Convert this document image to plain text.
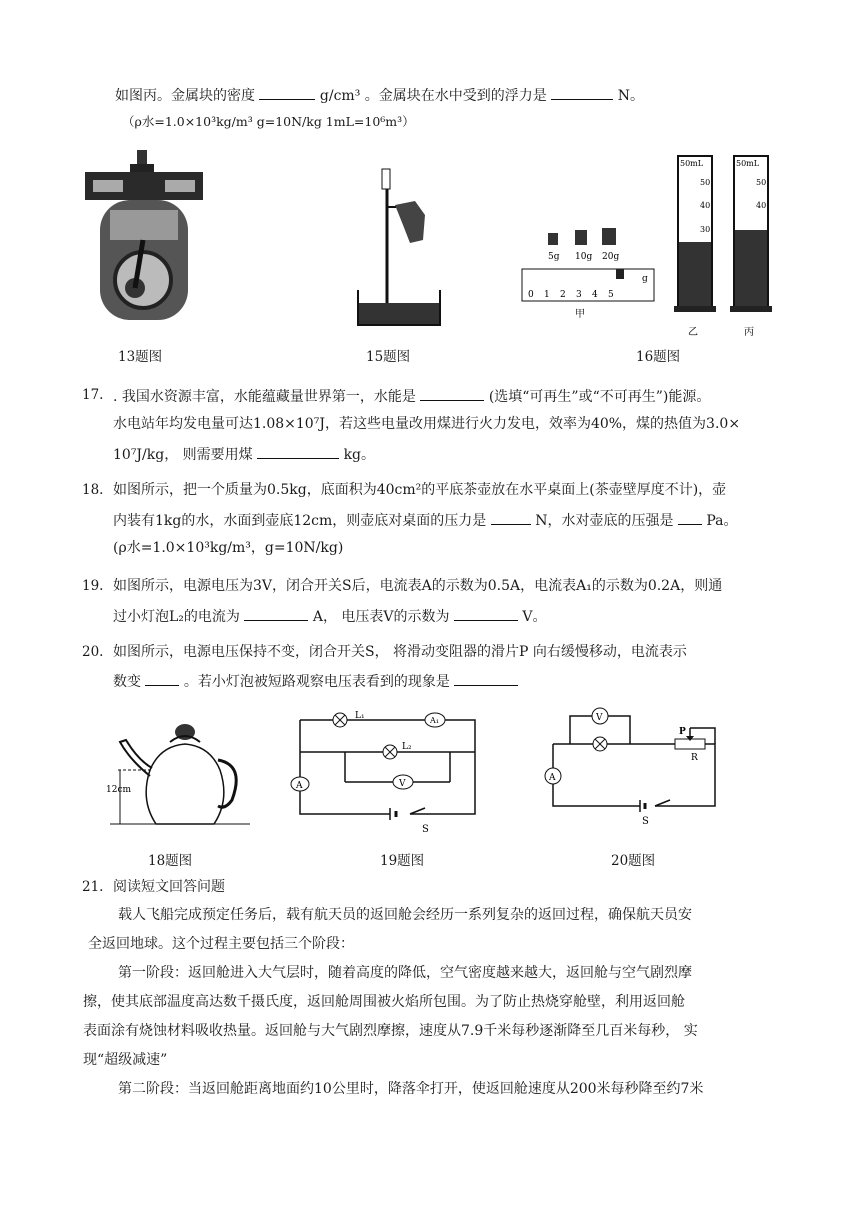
如图丙。金属块的密度	g/cm³ 。金属块在水中受到的浮力是	N。
（ρ水=1.0×10³kg/m³ g=10N/kg 1mL=10⁶m³）
13题图	15题图
5g 10g 20g
0 1 2 3 4 5
g
甲
50mL
50
40
30
乙
50mL
50
40
丙
16题图
17. . 我国水资源丰富，水能蕴藏量世界第一，水能是	(选填“可再生”或“不可再生”)能源。
水电站年均发电量可达1.08×10⁷J，若这些电量改用煤进行火力发电，效率为40%，煤的热值为3.0×
10⁷J/kg， 则需要用煤	kg。
18. 如图所示，把一个质量为0.5kg，底面积为40cm²的平底茶壶放在水平桌面上(茶壶壁厚度不计)，壶
内装有1kg的水，水面到壶底12cm，则壶底对桌面的压力是	N，水对壶底的压强是 Pa。
(ρ水=1.0×10³kg/m³，g=10N/kg)
19. 如图所示，电源电压为3V，闭合开关S后，电流表A的示数为0.5A，电流表A₁的示数为0.2A，则通
过小灯泡L₂的电流为	A， 电压表V的示数为	V。
20. 如图所示，电源电压保持不变，闭合开关S， 将滑动变阻器的滑片P 向右缓慢移动，电流表示
数变	。若小灯泡被短路观察电压表看到的现象是
12cm
18题图
L₁	A₁
L₂
V
A
S
19题图
V
A
P
R
S
20题图
21. 阅读短文回答问题
载人飞船完成预定任务后，载有航天员的返回舱会经历一系列复杂的返回过程，确保航天员安
全返回地球。这个过程主要包括三个阶段：
第一阶段：返回舱进入大气层时，随着高度的降低，空气密度越来越大，返回舱与空气剧烈摩
擦，使其底部温度高达数千摄氏度，返回舱周围被火焰所包围。为了防止热烧穿舱壁，利用返回舱
表面涂有烧蚀材料吸收热量。返回舱与大气剧烈摩擦，速度从7.9千米每秒逐渐降至几百米每秒， 实
现“超级减速”
第二阶段：当返回舱距离地面约10公里时，降落伞打开，使返回舱速度从200米每秒降至约7米
